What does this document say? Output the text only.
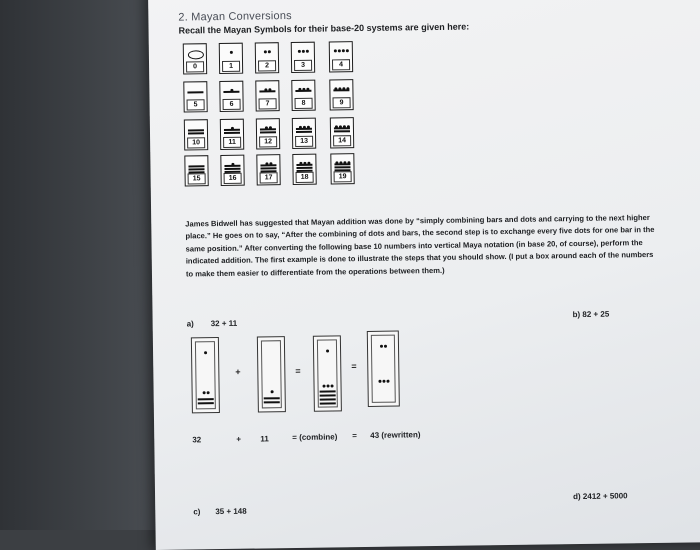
2. Mayan Conversions
Recall the Mayan Symbols for their base-20 systems are given here:
0	1	2	3	4
5	6	7	8	9
10	11	12	13	14
15	16	17	18	19
James Bidwell has suggested that Mayan addition was done by “simply combining bars and dots and carrying to the next higher place.” He goes on to say, “After the combining of dots and bars, the second step is to exchange every five dots for one bar in the same position.” After converting the following base 10 numbers into vertical Maya notation (in base 20, of course), perform the indicated addition. The first example is done to illustrate the steps that you should show. (I put a box around each of the numbers to make them easier to differentiate from the operations between them.)
a) 32 + 11
b) 82 + 25
+	=	=
32	+ 11	= (combine) = 43 (rewritten)
c) 35 + 148
d) 2412 + 5000
